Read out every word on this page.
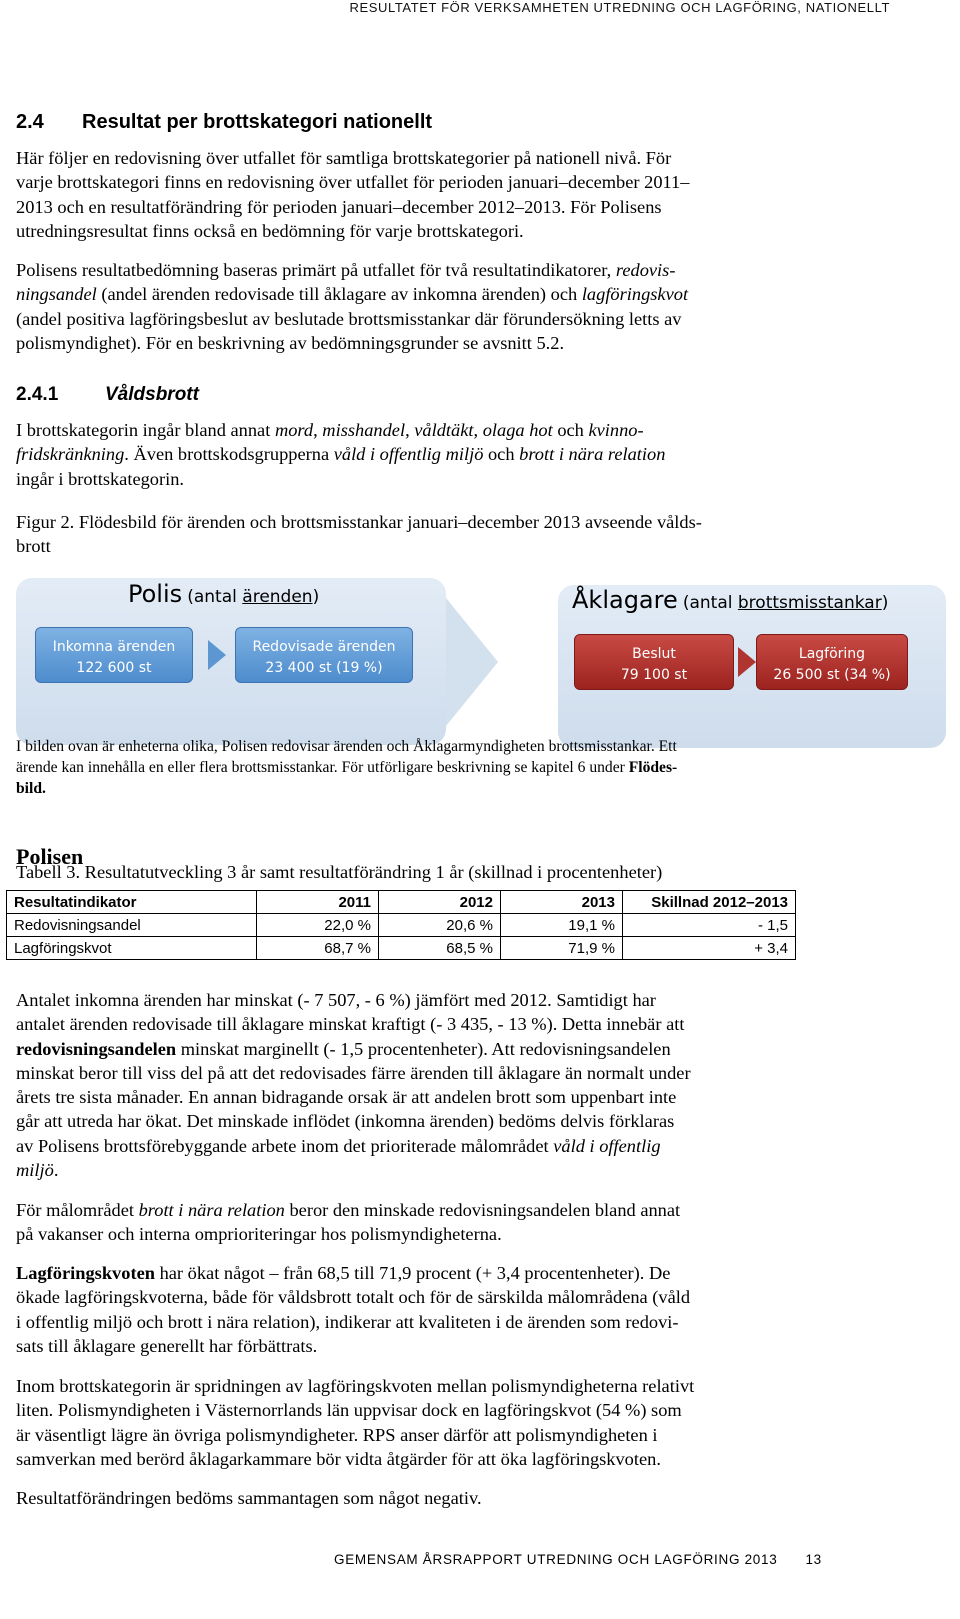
RESULTATET FÖR VERKSAMHETEN UTREDNING OCH LAGFÖRING, NATIONELLT
2.4 Resultat per brottskategori nationellt
Här följer en redovisning över utfallet för samtliga brottskategorier på nationell nivå. För
varje brottskategori finns en redovisning över utfallet för perioden januari–december 2011–
2013 och en resultatförändring för perioden januari–december 2012–2013. För Polisens
utredningsresultat finns också en bedömning för varje brottskategori.
Polisens resultatbedömning baseras primärt på utfallet för två resultatindikatorer, redovis-
ningsandel (andel ärenden redovisade till åklagare av inkomna ärenden) och lagföringskvot
(andel positiva lagföringsbeslut av beslutade brottsmisstankar där förundersökning letts av
polismyndighet). För en beskrivning av bedömningsgrunder se avsnitt 5.2.
2.4.1 Våldsbrott
I brottskategorin ingår bland annat mord, misshandel, våldtäkt, olaga hot och kvinno-
fridskränkning. Även brottskodsgrupperna våld i offentlig miljö och brott i nära relation
ingår i brottskategorin.
Figur 2. Flödesbild för ärenden och brottsmisstankar januari–december 2013 avseende vålds-
brott
Polis (antal ärenden)	Åklagare (antal brottsmisstankar)
Inkomna ärenden
122 600 st
Redovisade ärenden
23 400 st (19 %)
Beslut
79 100 st
Lagföring
26 500 st (34 %)
I bilden ovan är enheterna olika, Polisen redovisar ärenden och Åklagarmyndigheten brottsmisstankar. Ett
ärende kan innehålla en eller flera brottsmisstankar. För utförligare beskrivning se kapitel 6 under Flödes-
bild.
Polisen
Tabell 3. Resultatutveckling 3 år samt resultatförändring 1 år (skillnad i procentenheter)
Resultatindikator	2011	2012	2013	Skillnad 2012–2013
Redovisningsandel	22,0 %	20,6 %	19,1 %	- 1,5
Lagföringskvot	68,7 %	68,5 %	71,9 %	+ 3,4
Antalet inkomna ärenden har minskat (- 7 507, - 6 %) jämfört med 2012. Samtidigt har
antalet ärenden redovisade till åklagare minskat kraftigt (- 3 435, - 13 %). Detta innebär att
redovisningsandelen minskat marginellt (- 1,5 procentenheter). Att redovisningsandelen
minskat beror till viss del på att det redovisades färre ärenden till åklagare än normalt under
årets tre sista månader. En annan bidragande orsak är att andelen brott som uppenbart inte
går att utreda har ökat. Det minskade inflödet (inkomna ärenden) bedöms delvis förklaras
av Polisens brottsförebyggande arbete inom det prioriterade målområdet våld i offentlig
miljö.
För målområdet brott i nära relation beror den minskade redovisningsandelen bland annat
på vakanser och interna omprioriteringar hos polismyndigheterna.
Lagföringskvoten har ökat något – från 68,5 till 71,9 procent (+ 3,4 procentenheter). De
ökade lagföringskvoterna, både för våldsbrott totalt och för de särskilda målområdena (våld
i offentlig miljö och brott i nära relation), indikerar att kvaliteten i de ärenden som redovi-
sats till åklagare generellt har förbättrats.
Inom brottskategorin är spridningen av lagföringskvoten mellan polismyndigheterna relativt
liten. Polismyndigheten i Västernorrlands län uppvisar dock en lagföringskvot (54 %) som
är väsentligt lägre än övriga polismyndigheter. RPS anser därför att polismyndigheten i
samverkan med berörd åklagarkammare bör vidta åtgärder för att öka lagföringskvoten.
Resultatförändringen bedöms sammantagen som något negativ.
GEMENSAM ÅRSRAPPORT UTREDNING OCH LAGFÖRING 2013 13
